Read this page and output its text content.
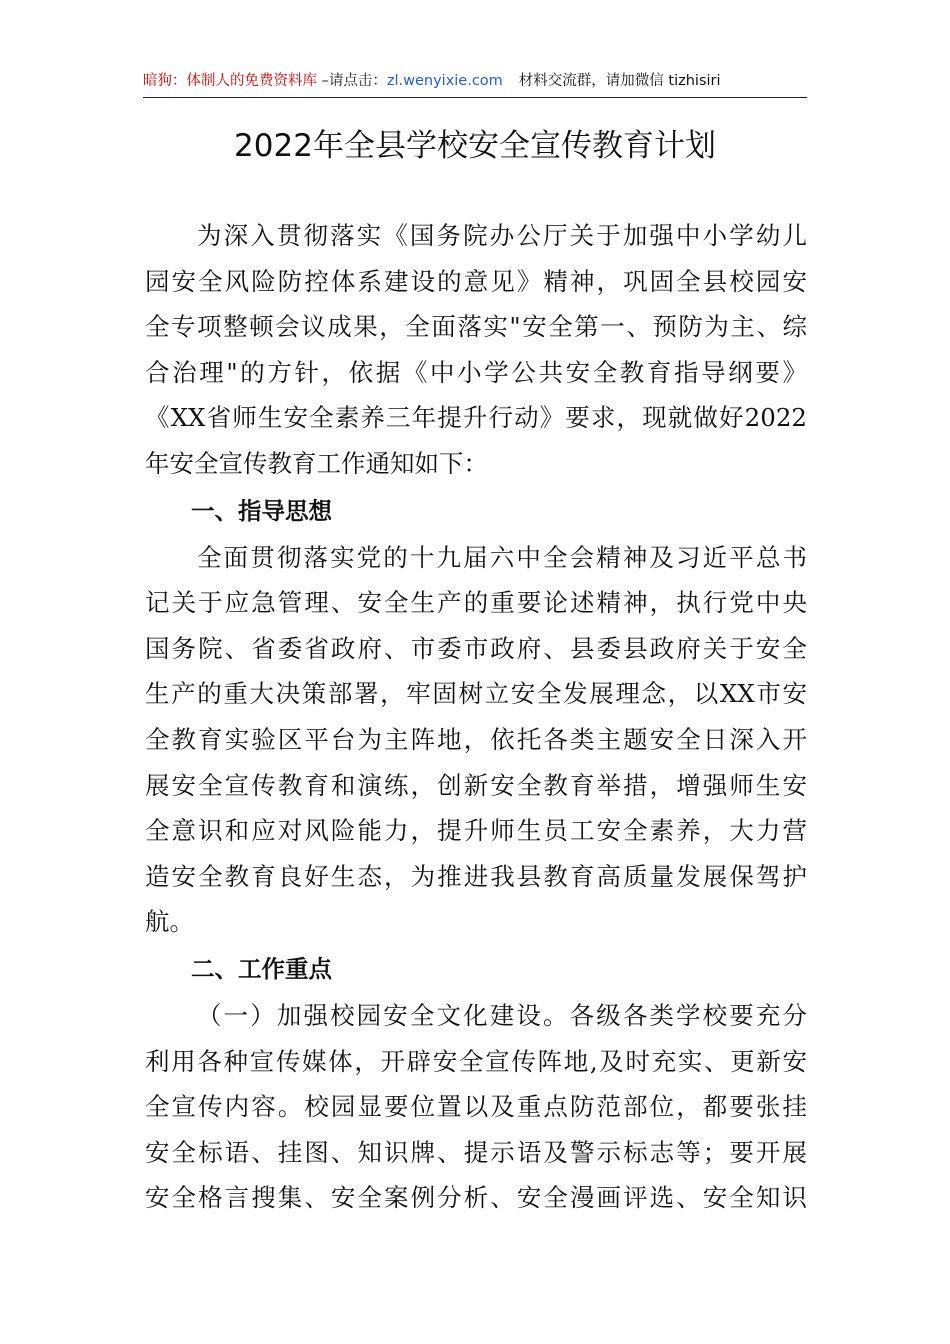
暗狗：体制人的免费资料库 –请点击：zl.wenyixie.com 材料交流群，请加微信 tizhisiri
2022年全县学校安全宣传教育计划
为深入贯彻落实《国务院办公厅关于加强中小学幼儿
园安全风险防控体系建设的意见》精神，巩固全县校园安
全专项整顿会议成果，全面落实"安全第一、预防为主、综
合治理"的方针，依据《中小学公共安全教育指导纲要》
《XX省师生安全素养三年提升行动》要求，现就做好2022
年安全宣传教育工作通知如下：
一、指导思想
全面贯彻落实党的十九届六中全会精神及习近平总书
记关于应急管理、安全生产的重要论述精神，执行党中央
国务院、省委省政府、市委市政府、县委县政府关于安全
生产的重大决策部署，牢固树立安全发展理念，以XX市安
全教育实验区平台为主阵地，依托各类主题安全日深入开
展安全宣传教育和演练，创新安全教育举措，增强师生安
全意识和应对风险能力，提升师生员工安全素养，大力营
造安全教育良好生态，为推进我县教育高质量发展保驾护
航。
二、工作重点
（一）加强校园安全文化建设。各级各类学校要充分
利用各种宣传媒体，开辟安全宣传阵地,及时充实、更新安
全宣传内容。校园显要位置以及重点防范部位，都要张挂
安全标语、挂图、知识牌、提示语及警示标志等；要开展
安全格言搜集、安全案例分析、安全漫画评选、安全知识
